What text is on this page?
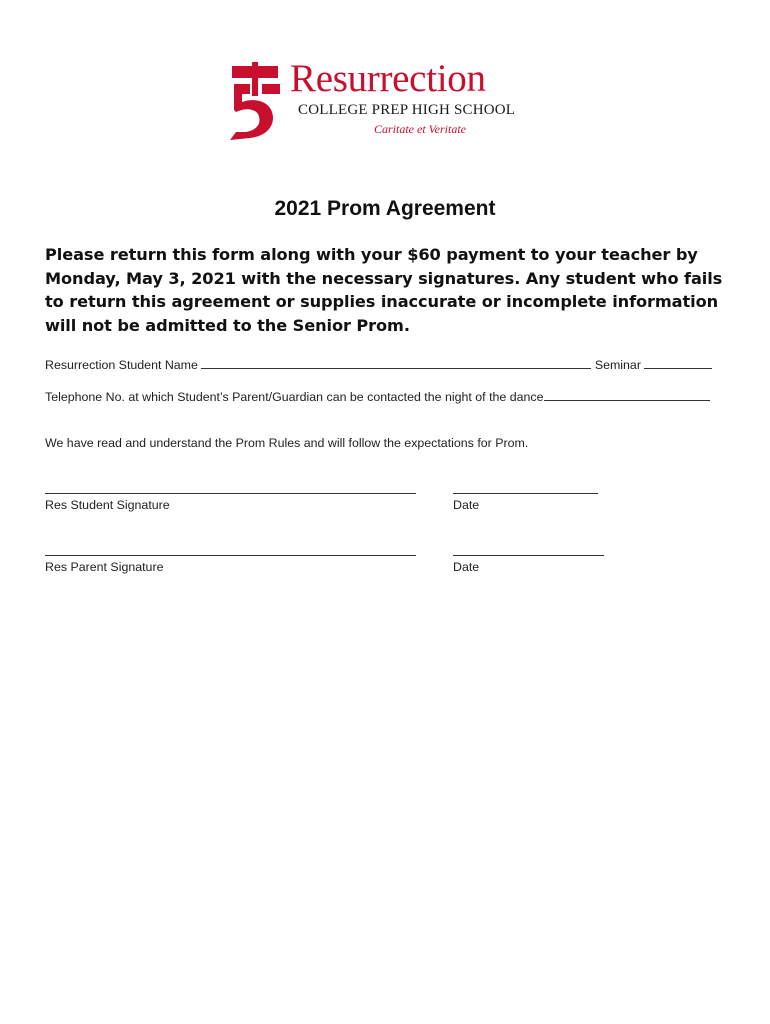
Resurrection
COLLEGE PREP HIGH SCHOOL
Caritate et Veritate
2021 Prom Agreement
Please return this form along with your $60 payment to your teacher by
Monday, May 3, 2021 with the necessary signatures. Any student who fails
to return this agreement or supplies inaccurate or incomplete information
will not be admitted to the Senior Prom.
Resurrection Student Name	Seminar
Telephone No. at which Student’s Parent/Guardian can be contacted the night of the dance
We have read and understand the Prom Rules and will follow the expectations for Prom.
Res Student Signature	Date
Res Parent Signature	Date
